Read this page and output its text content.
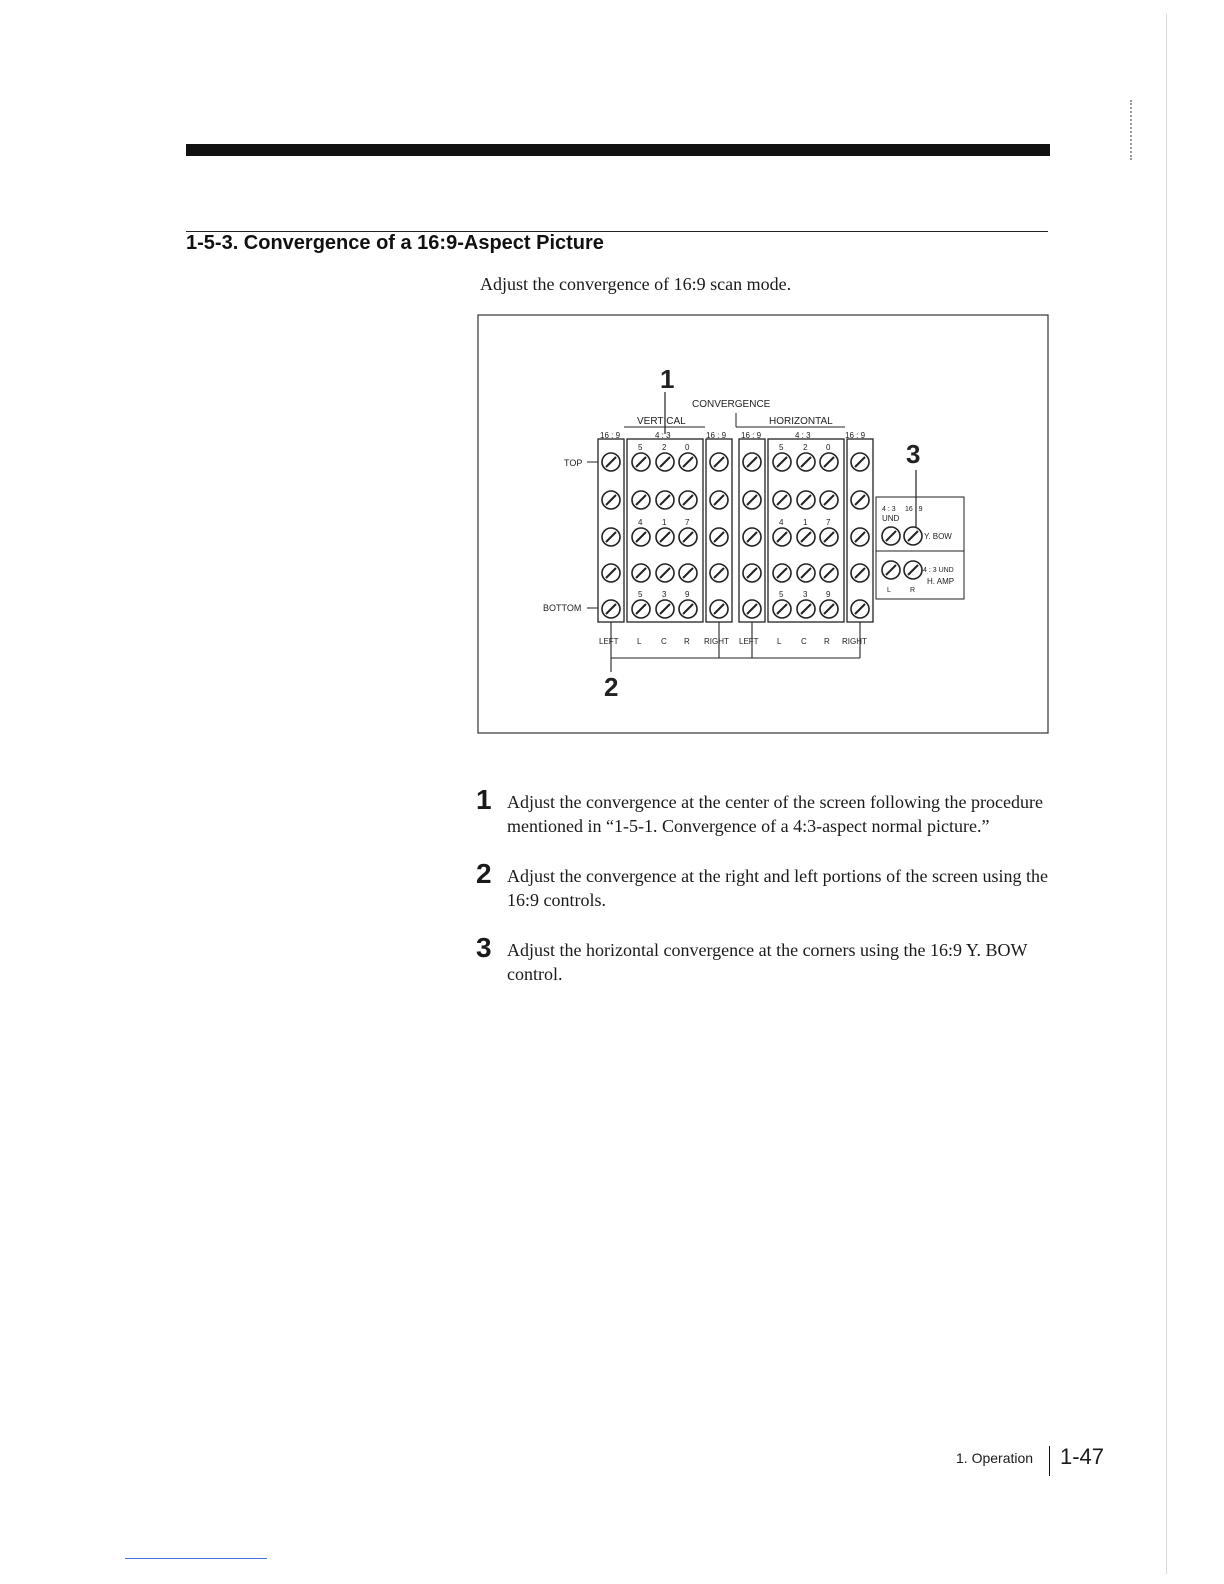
1-5-3. Convergence of a 16:9-Aspect Picture
Adjust the convergence of 16:9 scan mode.
1
2
3
CONVERGENCE
VERTICAL	HORIZONTAL
16 : 9	4 : 3	16 : 9 16 : 9	4 : 3	16 : 9
5 2 0	5 2 0
4 1 7	4 1 7
5 3 9	5 3 9
TOP
BOTTOM
LEFT L C R RIGHT LEFT L C R RIGHT
4 : 3 16 : 9
UND
Y. BOW
4 : 3 UND
H. AMP
L	R
1 Adjust the convergence at the center of the screen following the procedure mentioned in “1-5-1. Convergence of a 4:3-aspect normal picture.”
2 Adjust the convergence at the right and left portions of the screen using the 16:9 controls.
3 Adjust the horizontal convergence at the corners using the 16:9 Y. BOW control.
1. Operation 1-47
